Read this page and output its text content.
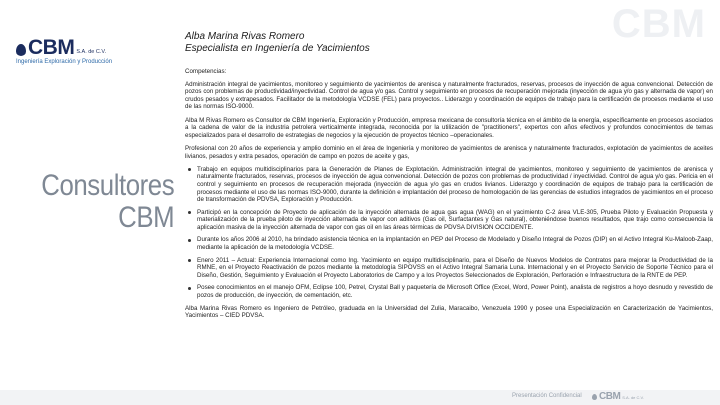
CBM
CBM S.A. de C.V.
Ingeniería Exploración y Producción
Consultores
CBM
Alba Marina Rivas Romero
Especialista en Ingeniería de Yacimientos

Competencias:

Administración integral de yacimientos, monitoreo y seguimiento de yacimientos de arenisca y naturalmente fracturados, reservas, procesos de inyección de agua convencional. Detección de pozos con problemas de productividad/inyectividad. Control de agua y/o gas. Control y seguimiento en procesos de recuperación mejorada (inyección de agua y/o gas y alternada de vapor) en crudos pesados y extrapesados. Facilitador de la metodología VCDSE (FEL) para proyectos.. Liderazgo y coordinación de equipos de trabajo para la certificación de procesos mediante el uso de las normas ISO-9000.

Alba M Rivas Romero es Consultor de CBM Ingeniería, Exploración y Producción, empresa mexicana de consultoría técnica en el ámbito de la energía, específicamente en procesos asociados a la cadena de valor de la industria petrolera verticalmente integrada, reconocida por la utilización de "practitioners", expertos con años efectivos y profundos conocimientos de temas especializados para el desarrollo de estrategias de negocios y la ejecución de proyectos técnico –operacionales.

Profesional con 20 años de experiencia y amplio dominio en el área de Ingeniería y monitoreo de yacimientos de arenisca y naturalmente fracturados, explotación de yacimientos de aceites livianos, pesados y extra pesados, operación de campo en pozos de aceite y gas,

Trabajo en equipos multidisciplinarios para la Generación de Planes de Explotación. Administración integral de yacimientos, monitoreo y seguimiento de yacimientos de arenisca y naturalmente fracturados, reservas, procesos de inyección de agua convencional. Detección de pozos con problemas de productividad / inyectividad. Control de agua y/o gas. Pericia en el control y seguimiento en procesos de recuperación mejorada (inyección de agua y/o gas en crudos livianos. Liderazgo y coordinación de equipos de trabajo para la certificación de procesos mediante el uso de las normas ISO-9000, durante la definición e implantación del proceso de homologación de las gerencias de estudios integrados de yacimientos en el proceso de transformación de PDVSA, Exploración y Producción.
Participó en la concepción de Proyecto de aplicación de la inyección alternada de agua gas agua (WAG) en el yacimiento C-2 área VLE-305, Prueba Piloto y Evaluación Propuesta y materialización de la prueba piloto de inyección alternada de vapor con aditivos (Gas oil, Surfactantes y Gas natural), obteniéndose buenos resultados, que trajo como consecuencia la aplicación masiva de la inyección alternada de vapor con gas oil en las áreas térmicas de PDVSA DIVISION OCCIDENTE.
Durante los años 2006 al 2010, ha brindado asistencia técnica en la implantación en PEP del Proceso de Modelado y Diseño Integral de Pozos (DIP) en el Activo Integral Ku-Maloob-Zaap, mediante la aplicación de la metodología VCDSE.
Enero 2011 – Actual: Experiencia Internacional como Ing. Yacimiento en equipo multidisciplinario, para el Diseño de Nuevos Modelos de Contratos para mejorar la Productividad de la RMNE, en el Proyecto Reactivación de pozos mediante la metodología SIPOVSS en el Activo Integral Samaria Luna. Internacional y en el Proyecto Servicio de Soporte Técnico para el Diseño, Gestión, Seguimiento y Evaluación el Proyecto Laboratorios de Campo y a los Proyectos Seleccionados de Exploración, Perforación e Infraestructura de la RNTE de PEP.
Posee conocimientos en el manejo OFM, Eclipse 100, Petrel, Crystal Ball y paquetería de Microsoft Office (Excel, Word, Power Point), analista de registros a hoyo desnudo y revestido de pozos de producción, de inyección, de cementación, etc.

Alba Marina Rivas Romero es Ingeniero de Petróleo, graduada en la Universidad del Zulia, Maracaibo, Venezuela 1990 y posee una Especialización en Caracterización de Yacimientos, Yacimientos – CIED PDVSA.

Presentación Confidencial CBM S.A. de C.V.
